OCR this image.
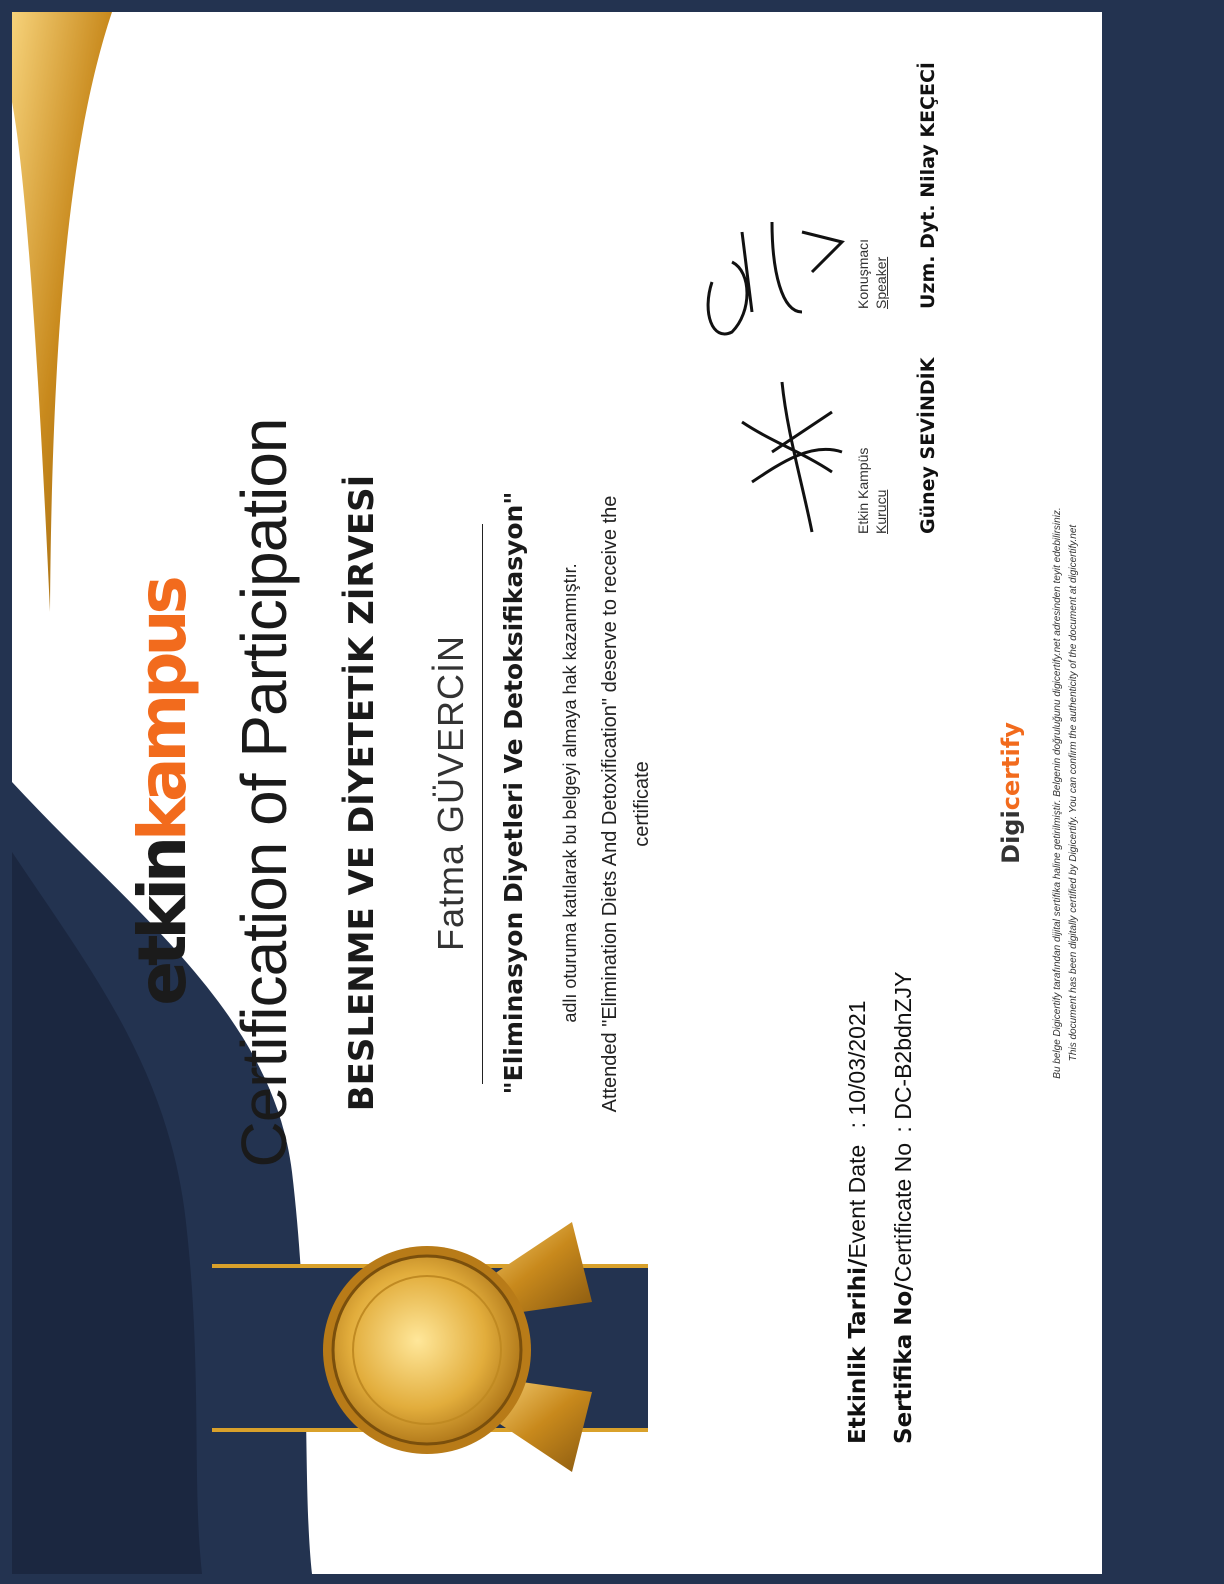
etkinkampus Certification of Participation BESLENME VE DİYETETİK ZİRVESİ Fatma GÜVERCİN "Eliminasyon Diyetleri Ve Detoksifikasyon" adlı oturuma katılarak bu belgeyi almaya hak kazanmıştır. Attended "Elimination Diets And Detoxification" deserve to receive the certificate
Etkinlik Tarihi/Event Date : 10/03/2021
Sertifika No/Certificate No : DC-B2bdnZJY
Etkin Kampüs Kurucu Güney SEVİNDİK
Konuşmacı Speaker Uzm. Dyt. Nilay KEÇECİ
Digicertify	Bu belge Digicertify tarafından dijital sertifika haline getirilmiştir. Belgenin doğruluğunu digicertify.net adresinden teyit edebilirsiniz. This document has been digitally certified by Digicertify. You can confirm the authenticity of the document at digicertify.net
